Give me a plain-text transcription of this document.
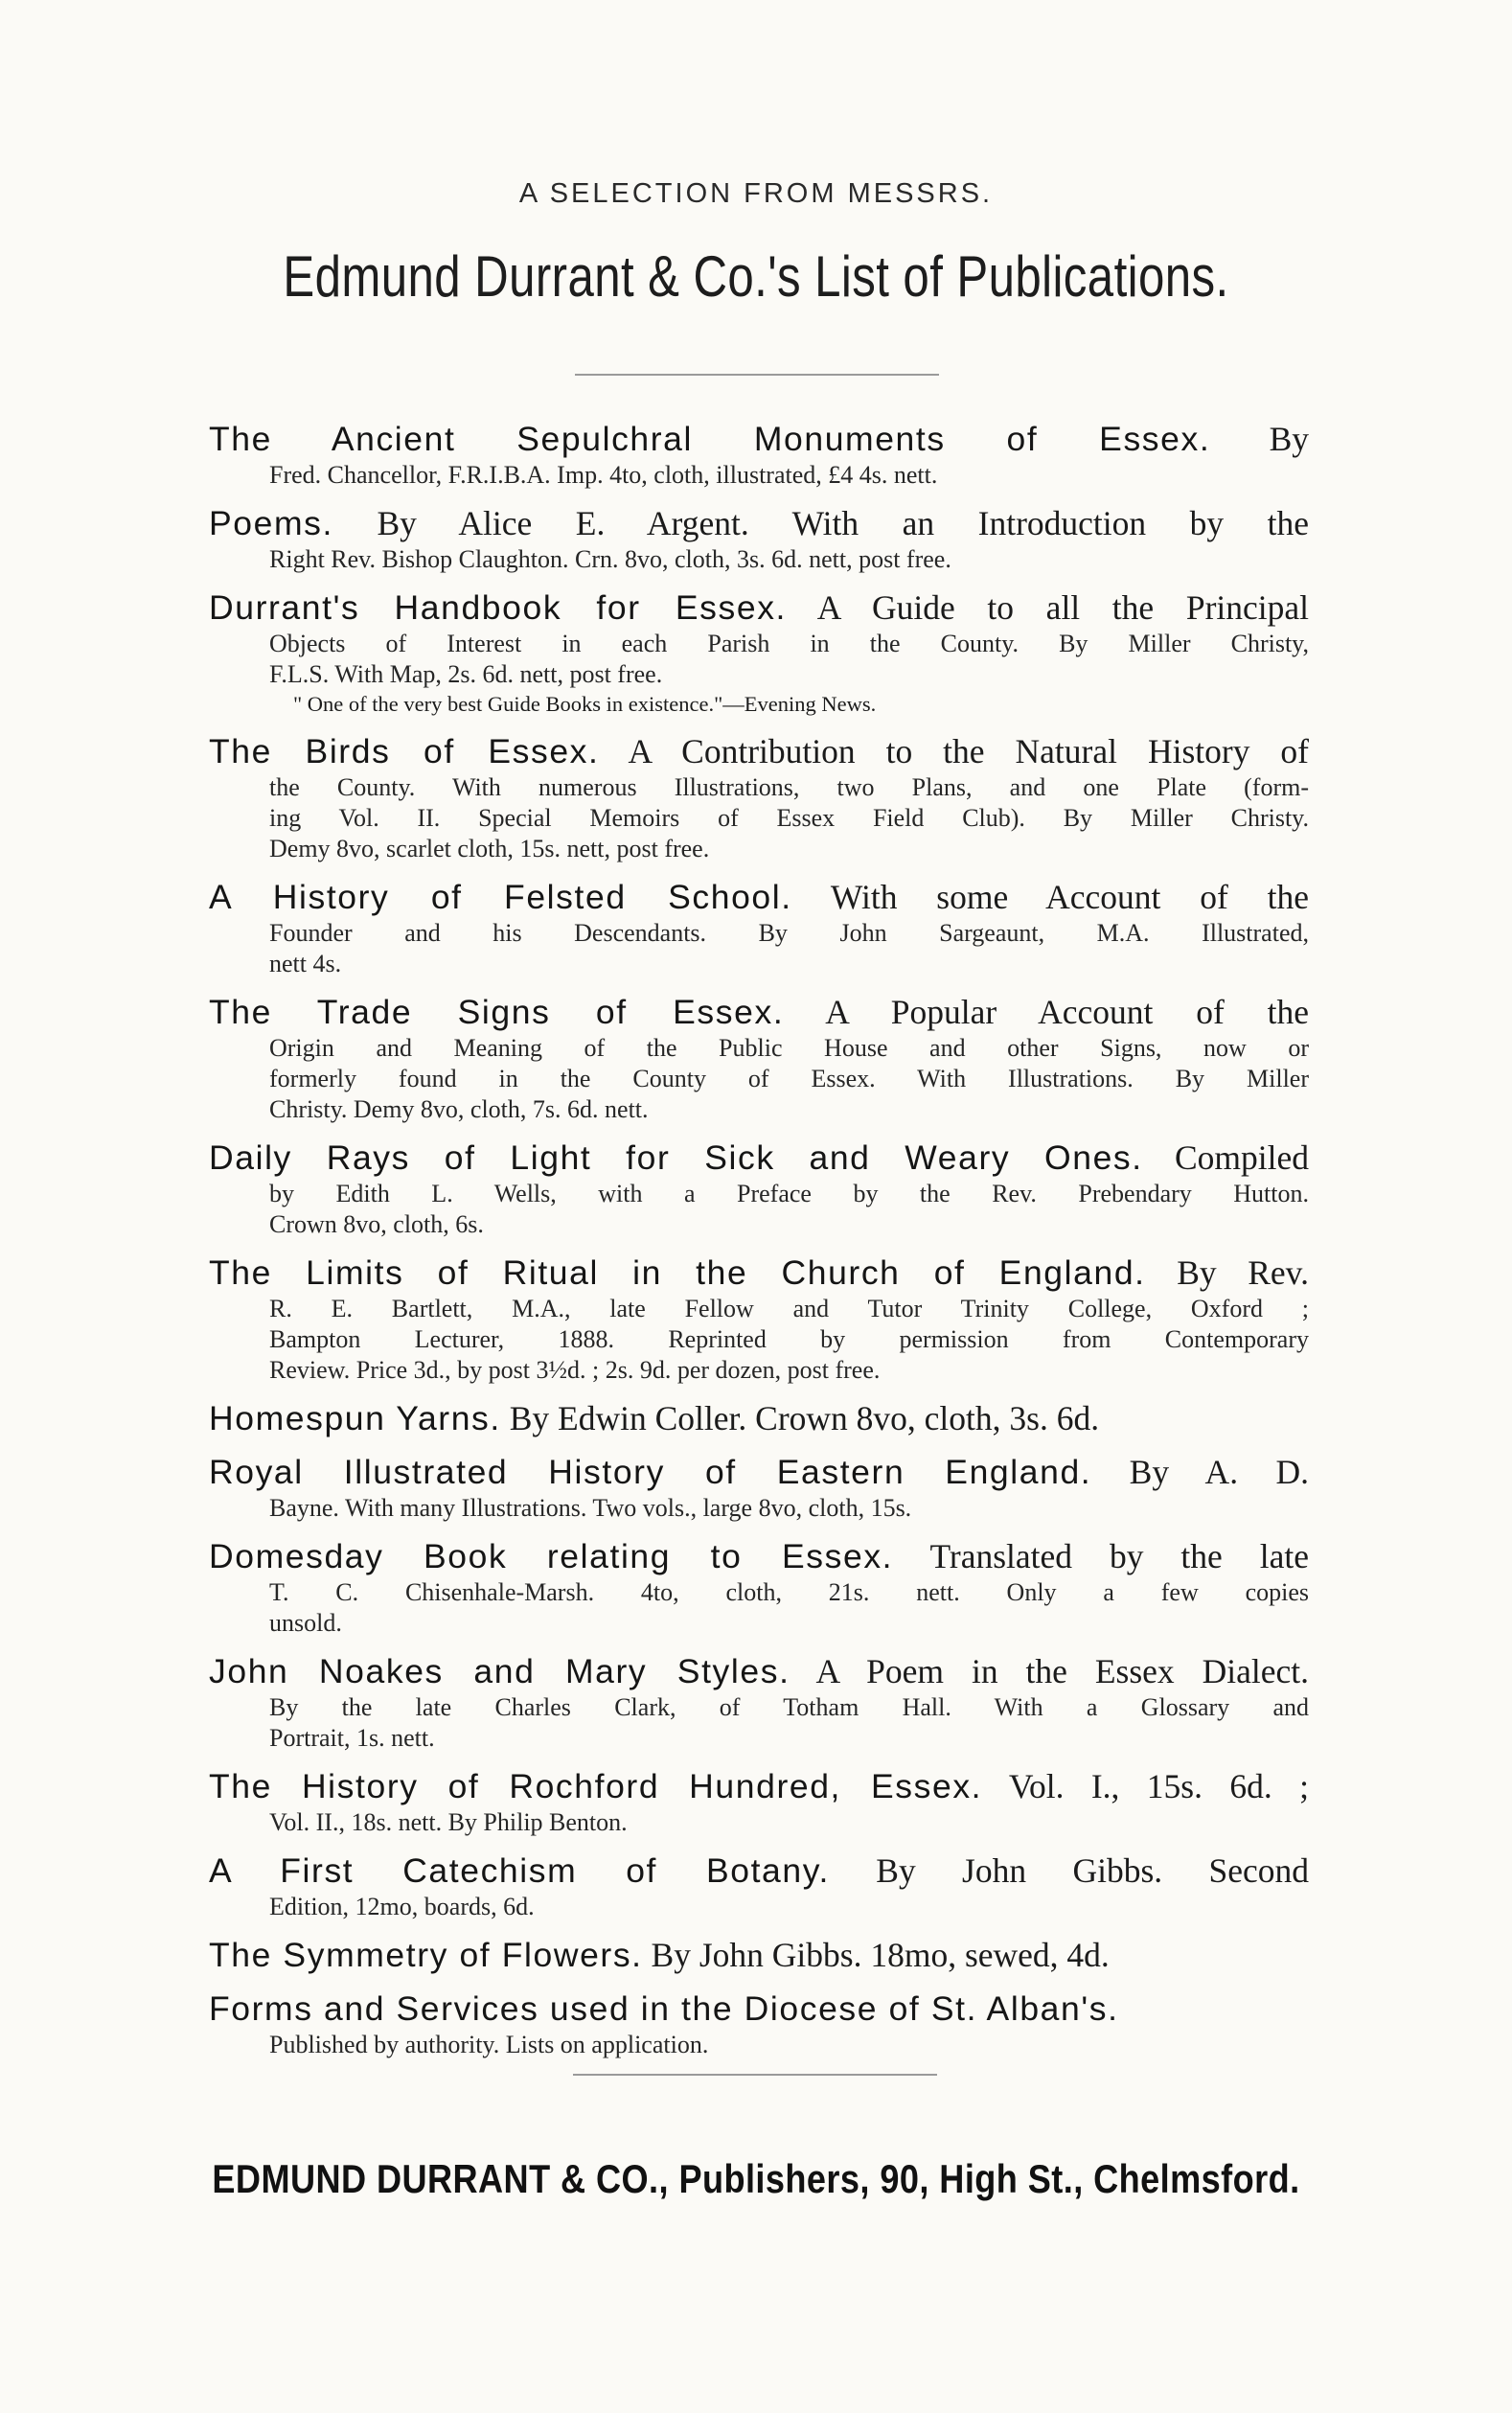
A SELECTION FROM MESSRS.
Edmund Durrant & Co.'s List of Publications.
The Ancient Sepulchral Monuments of Essex. By
Fred. Chancellor, F.R.I.B.A. Imp. 4to, cloth, illustrated, £4 4s. nett.
Poems. By Alice E. Argent. With an Introduction by the
Right Rev. Bishop Claughton. Crn. 8vo, cloth, 3s. 6d. nett, post free.
Durrant's Handbook for Essex. A Guide to all the Principal
Objects of Interest in each Parish in the County. By Miller Christy,
F.L.S. With Map, 2s. 6d. nett, post free.
" One of the very best Guide Books in existence."—Evening News.
The Birds of Essex. A Contribution to the Natural History of
the County. With numerous Illustrations, two Plans, and one Plate (form-
ing Vol. II. Special Memoirs of Essex Field Club). By Miller Christy.
Demy 8vo, scarlet cloth, 15s. nett, post free.
A History of Felsted School. With some Account of the
Founder and his Descendants. By John Sargeaunt, M.A. Illustrated,
nett 4s.
The Trade Signs of Essex. A Popular Account of the
Origin and Meaning of the Public House and other Signs, now or
formerly found in the County of Essex. With Illustrations. By Miller
Christy. Demy 8vo, cloth, 7s. 6d. nett.
Daily Rays of Light for Sick and Weary Ones. Compiled
by Edith L. Wells, with a Preface by the Rev. Prebendary Hutton.
Crown 8vo, cloth, 6s.
The Limits of Ritual in the Church of England. By Rev.
R. E. Bartlett, M.A., late Fellow and Tutor Trinity College, Oxford ;
Bampton Lecturer, 1888. Reprinted by permission from Contemporary
Review. Price 3d., by post 3½d. ; 2s. 9d. per dozen, post free.
Homespun Yarns. By Edwin Coller. Crown 8vo, cloth, 3s. 6d.
Royal Illustrated History of Eastern England. By A. D.
Bayne. With many Illustrations. Two vols., large 8vo, cloth, 15s.
Domesday Book relating to Essex. Translated by the late
T. C. Chisenhale-Marsh. 4to, cloth, 21s. nett. Only a few copies
unsold.
John Noakes and Mary Styles. A Poem in the Essex Dialect.
By the late Charles Clark, of Totham Hall. With a Glossary and
Portrait, 1s. nett.
The History of Rochford Hundred, Essex. Vol. I., 15s. 6d. ;
Vol. II., 18s. nett. By Philip Benton.
A First Catechism of Botany. By John Gibbs. Second
Edition, 12mo, boards, 6d.
The Symmetry of Flowers. By John Gibbs. 18mo, sewed, 4d.
Forms and Services used in the Diocese of St. Alban's.
Published by authority. Lists on application.
EDMUND DURRANT & CO., Publishers, 90, High St., Chelmsford.
